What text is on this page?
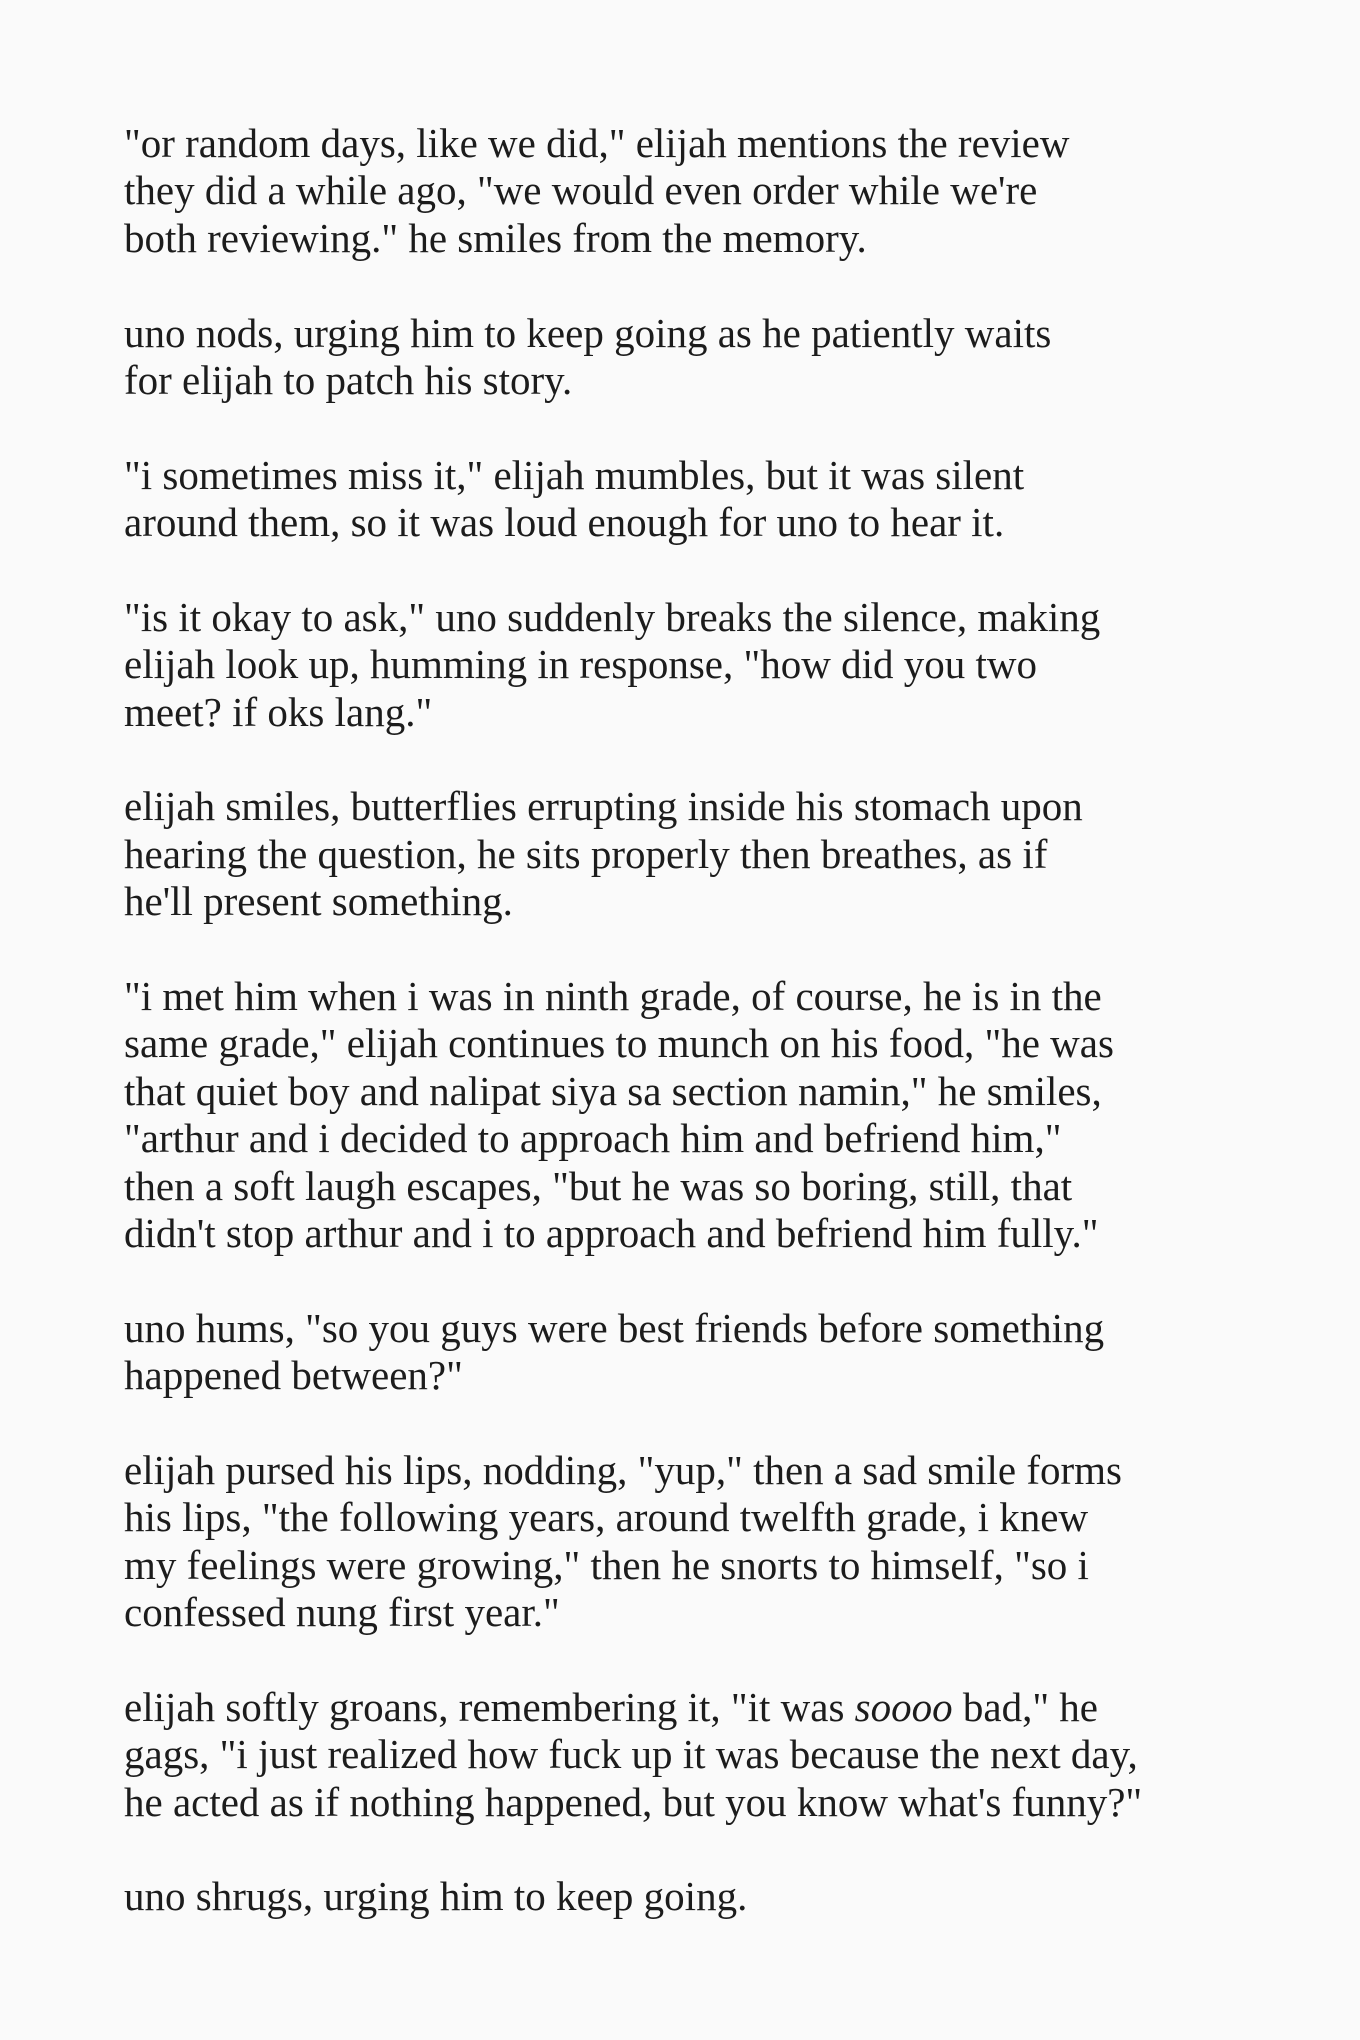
"or random days, like we did," elijah mentions the review
they did a while ago, "we would even order while we're
both reviewing." he smiles from the memory.

uno nods, urging him to keep going as he patiently waits
for elijah to patch his story.

"i sometimes miss it," elijah mumbles, but it was silent
around them, so it was loud enough for uno to hear it.

"is it okay to ask," uno suddenly breaks the silence, making
elijah look up, humming in response, "how did you two
meet? if oks lang."

elijah smiles, butterflies errupting inside his stomach upon
hearing the question, he sits properly then breathes, as if
he'll present something.

"i met him when i was in ninth grade, of course, he is in the
same grade," elijah continues to munch on his food, "he was
that quiet boy and nalipat siya sa section namin," he smiles,
"arthur and i decided to approach him and befriend him,"
then a soft laugh escapes, "but he was so boring, still, that
didn't stop arthur and i to approach and befriend him fully."

uno hums, "so you guys were best friends before something
happened between?"

elijah pursed his lips, nodding, "yup," then a sad smile forms
his lips, "the following years, around twelfth grade, i knew
my feelings were growing," then he snorts to himself, "so i
confessed nung first year."

elijah softly groans, remembering it, "it was soooo bad," he
gags, "i just realized how fuck up it was because the next day,
he acted as if nothing happened, but you know what's funny?"

uno shrugs, urging him to keep going.
